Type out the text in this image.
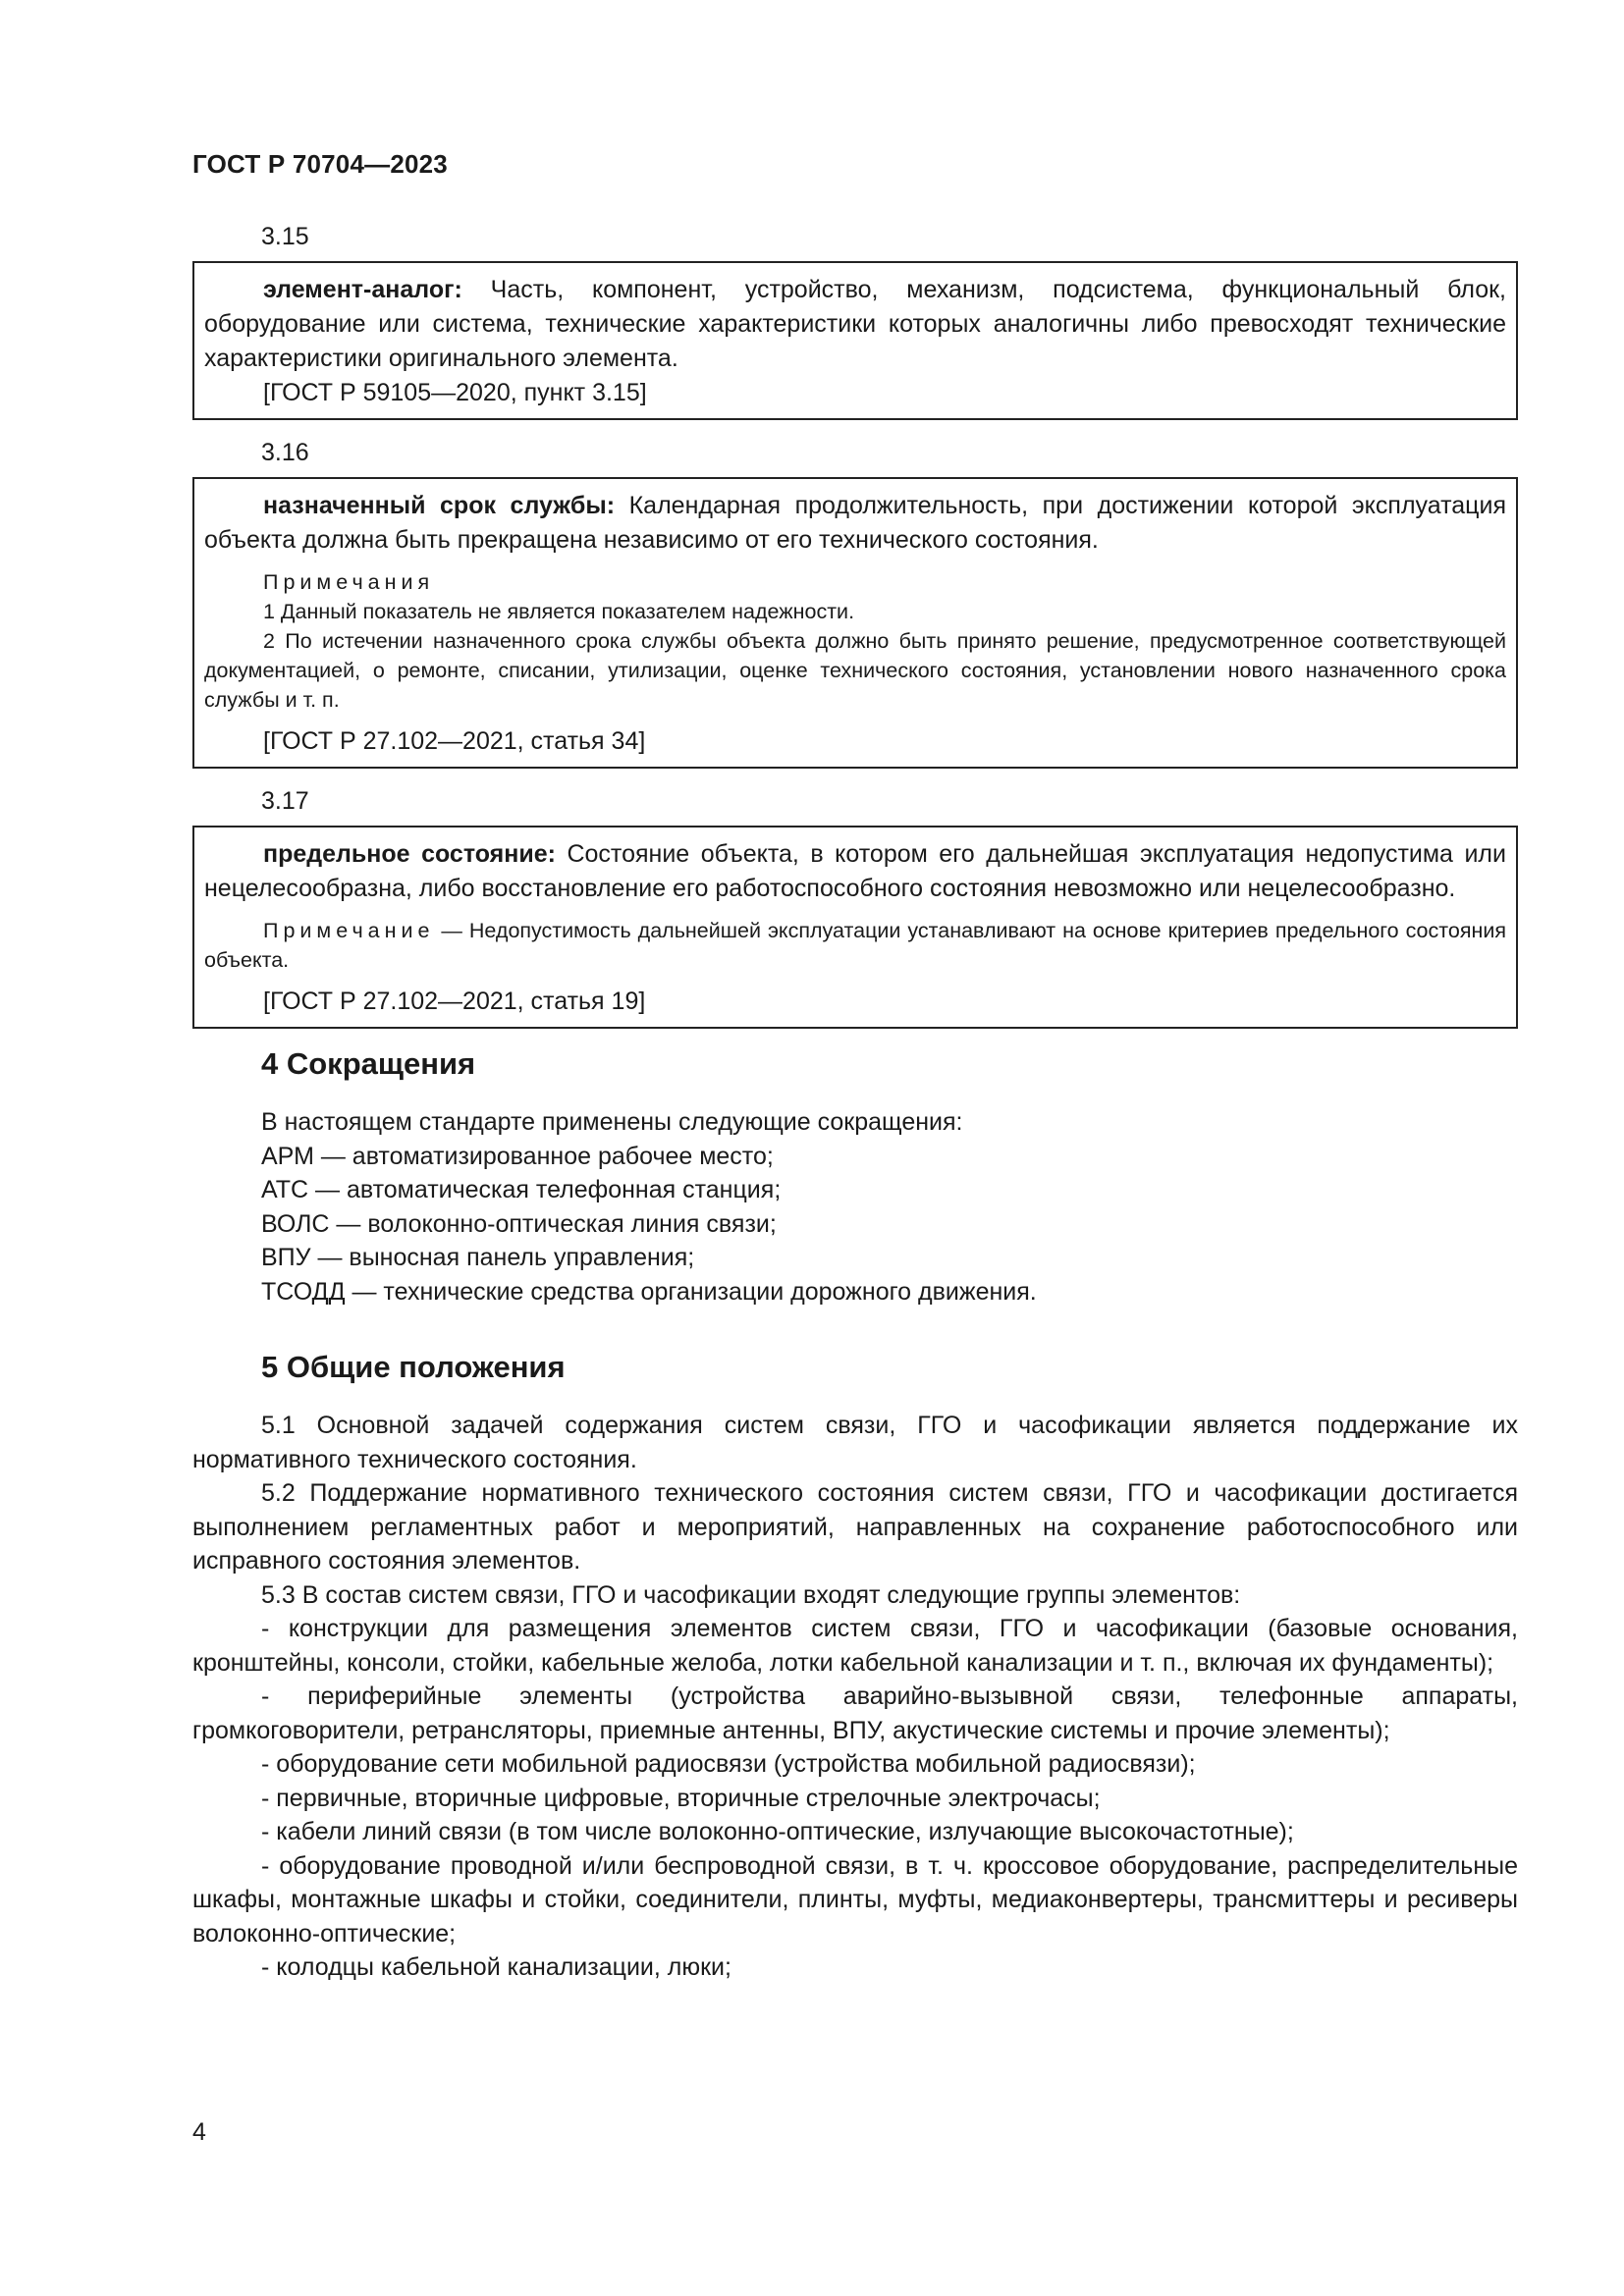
ГОСТ Р 70704—2023
3.15

элемент-аналог: Часть, компонент, устройство, механизм, подсистема, функциональный блок, оборудование или система, технические характеристики которых аналогичны либо превосходят технические характеристики оригинального элемента.

[ГОСТ Р 59105—2020, пункт 3.15]
3.16

назначенный срок службы: Календарная продолжительность, при достижении которой эксплуатация объекта должна быть прекращена независимо от его технического состояния.

Примечания

1 Данный показатель не является показателем надежности.

2 По истечении назначенного срока службы объекта должно быть принято решение, предусмотренное соответствующей документацией, о ремонте, списании, утилизации, оценке технического состояния, установлении нового назначенного срока службы и т. п.

[ГОСТ Р 27.102—2021, статья 34]
3.17

предельное состояние: Состояние объекта, в котором его дальнейшая эксплуатация недопустима или нецелесообразна, либо восстановление его работоспособного состояния невозможно или нецелесообразно.

Примечание — Недопустимость дальнейшей эксплуатации устанавливают на основе критериев предельного состояния объекта.

[ГОСТ Р 27.102—2021, статья 19]
4 Сокращения

В настоящем стандарте применены следующие сокращения:

АРМ — автоматизированное рабочее место;

АТС — автоматическая телефонная станция;

ВОЛС — волоконно-оптическая линия связи;

ВПУ — выносная панель управления;

ТСОДД — технические средства организации дорожного движения.

5 Общие положения

5.1 Основной задачей содержания систем связи, ГГО и часофикации является поддержание их нормативного технического состояния.

5.2 Поддержание нормативного технического состояния систем связи, ГГО и часофикации достигается выполнением регламентных работ и мероприятий, направленных на сохранение работоспособного или исправного состояния элементов.

5.3 В состав систем связи, ГГО и часофикации входят следующие группы элементов:

- конструкции для размещения элементов систем связи, ГГО и часофикации (базовые основания, кронштейны, консоли, стойки, кабельные желоба, лотки кабельной канализации и т. п., включая их фундаменты);

- периферийные элементы (устройства аварийно-вызывной связи, телефонные аппараты, громкоговорители, ретрансляторы, приемные антенны, ВПУ, акустические системы и прочие элементы);

- оборудование сети мобильной радиосвязи (устройства мобильной радиосвязи);

- первичные, вторичные цифровые, вторичные стрелочные электрочасы;

- кабели линий связи (в том числе волоконно-оптические, излучающие высокочастотные);

- оборудование проводной и/или беспроводной связи, в т. ч. кроссовое оборудование, распределительные шкафы, монтажные шкафы и стойки, соединители, плинты, муфты, медиаконвертеры, трансмиттеры и ресиверы волоконно-оптические;

- колодцы кабельной канализации, люки;

4
